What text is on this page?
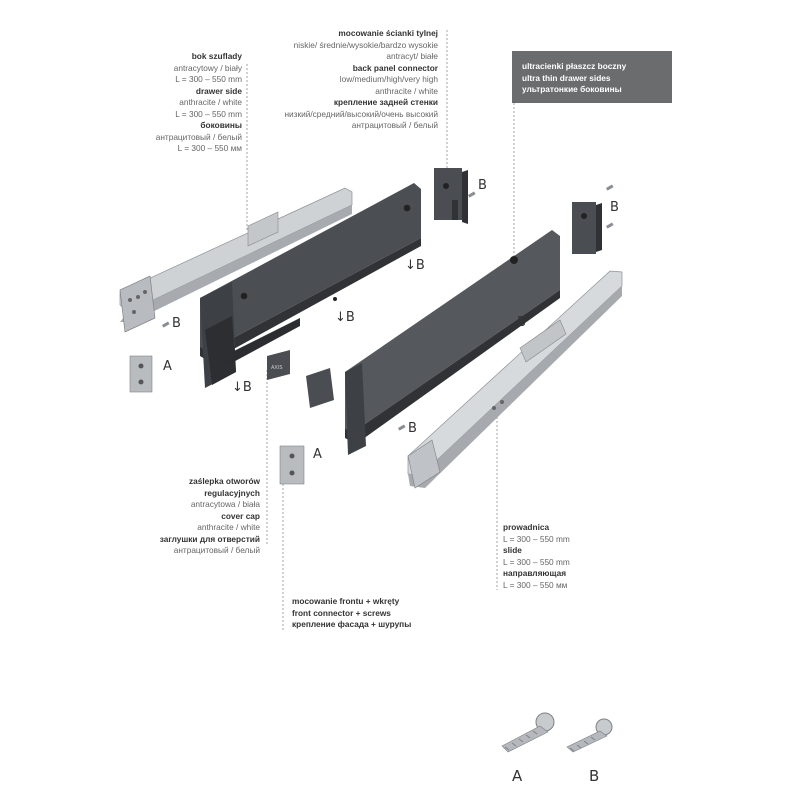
AXIS
bok szuflady
antracytowy / biały
L = 300 – 550 mm
drawer side
anthracite / white
L = 300 – 550 mm
боковины
антрацитовый / белый
L = 300 – 550 мм
mocowanie ścianki tylnej
niskie/ średnie/wysokie/bardzo wysokie
antracyt/ białe
back panel connector
low/medium/high/very high
anthracite / white
крепление задней стенки
низкий/средний/высокий/очень высокий
антрацитовый / белый
ultracienki płaszcz boczny
ultra thin drawer sides
ультратонкие боковины
zaślepka otworów
regulacyjnych
antracytowa / biała
cover cap
anthracite / white
заглушки для отверстий
антрацитовый / белый
mocowanie frontu + wkręty
front connector + screws
крепление фасада + шурупы
prowadnica
L = 300 – 550 mm
slide
L = 300 – 550 mm
направляющая
L = 300 – 550 мм
B
B
↓B
↓B
B	B
↓B
B
A
A
A	B
